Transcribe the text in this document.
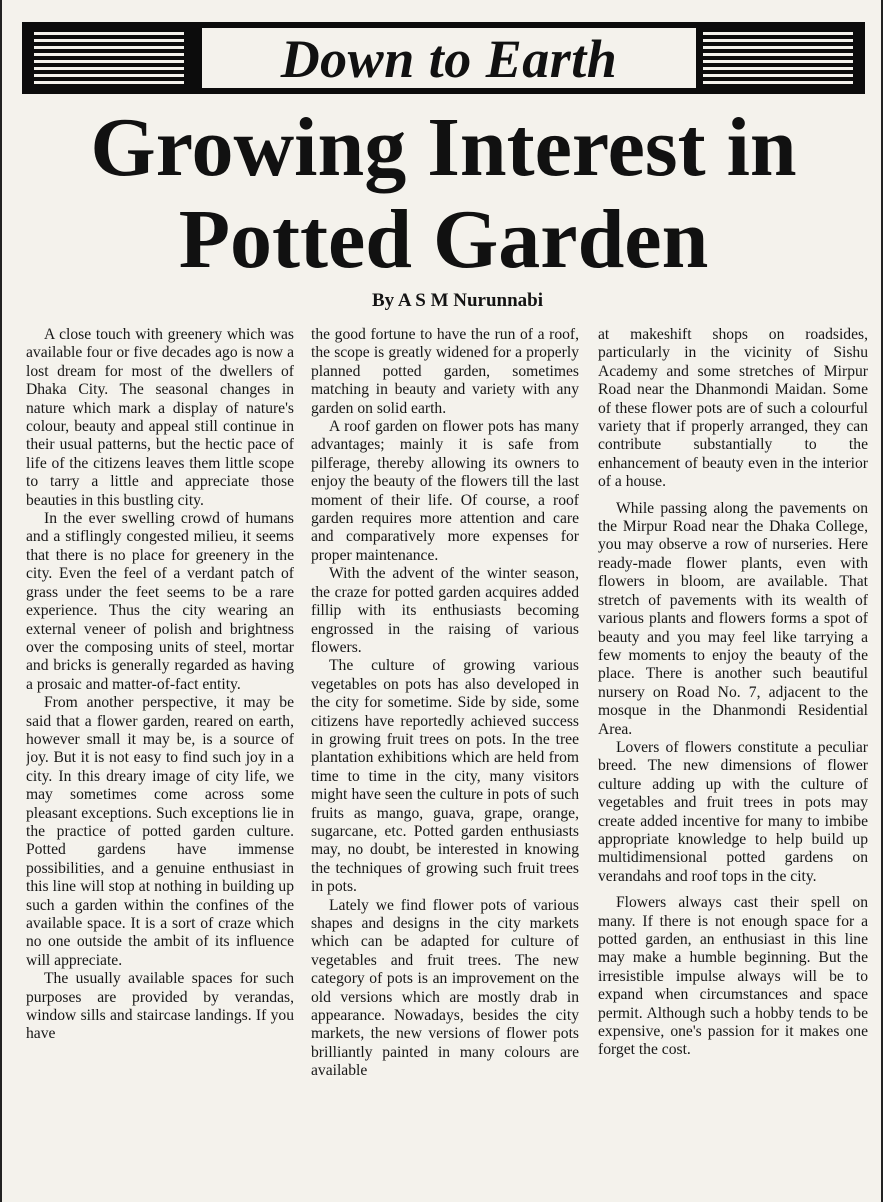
Down to Earth
Growing Interest in Potted Garden
By A S M Nurunnabi

A close touch with greenery which was available four or five decades ago is now a lost dream for most of the dwellers of Dhaka City. The seasonal changes in nature which mark a display of nature's colour, beauty and appeal still continue in their usual patterns, but the hectic pace of life of the citizens leaves them little scope to tarry a little and appreciate those beauties in this bustling city.

In the ever swelling crowd of humans and a stiflingly congested milieu, it seems that there is no place for greenery in the city. Even the feel of a verdant patch of grass under the feet seems to be a rare experience. Thus the city wearing an external veneer of polish and brightness over the composing units of steel, mortar and bricks is generally regarded as having a prosaic and matter-of-fact entity.

From another perspective, it may be said that a flower garden, reared on earth, however small it may be, is a source of joy. But it is not easy to find such joy in a city. In this dreary image of city life, we may sometimes come across some pleasant exceptions. Such exceptions lie in the practice of potted garden culture. Potted gardens have immense possibilities, and a genuine enthusiast in this line will stop at nothing in building up such a garden within the confines of the available space. It is a sort of craze which no one outside the ambit of its influence will appreciate.

The usually available spaces for such purposes are provided by verandas, window sills and staircase landings. If you have

the good fortune to have the run of a roof, the scope is greatly widened for a properly planned potted garden, sometimes matching in beauty and variety with any garden on solid earth.

A roof garden on flower pots has many advantages; mainly it is safe from pilferage, thereby allowing its owners to enjoy the beauty of the flowers till the last moment of their life. Of course, a roof garden requires more attention and care and comparatively more expenses for proper maintenance.

With the advent of the winter season, the craze for potted garden acquires added fillip with its enthusiasts becoming engrossed in the raising of various flowers.

The culture of growing various vegetables on pots has also developed in the city for sometime. Side by side, some citizens have reportedly achieved success in growing fruit trees on pots. In the tree plantation exhibitions which are held from time to time in the city, many visitors might have seen the culture in pots of such fruits as mango, guava, grape, orange, sugarcane, etc. Potted garden enthusiasts may, no doubt, be interested in knowing the techniques of growing such fruit trees in pots.

Lately we find flower pots of various shapes and designs in the city markets which can be adapted for culture of vegetables and fruit trees. The new category of pots is an improvement on the old versions which are mostly drab in appearance. Nowadays, besides the city markets, the new versions of flower pots brilliantly painted in many colours are available

at makeshift shops on roadsides, particularly in the vicinity of Sishu Academy and some stretches of Mirpur Road near the Dhanmondi Maidan. Some of these flower pots are of such a colourful variety that if properly arranged, they can contribute substantially to the enhancement of beauty even in the interior of a house.

While passing along the pavements on the Mirpur Road near the Dhaka College, you may observe a row of nurseries. Here ready-made flower plants, even with flowers in bloom, are available. That stretch of pavements with its wealth of various plants and flowers forms a spot of beauty and you may feel like tarrying a few moments to enjoy the beauty of the place. There is another such beautiful nursery on Road No. 7, adjacent to the mosque in the Dhanmondi Residential Area.

Lovers of flowers constitute a peculiar breed. The new dimensions of flower culture adding up with the culture of vegetables and fruit trees in pots may create added incentive for many to imbibe appropriate knowledge to help build up multidimensional potted gardens on verandahs and roof tops in the city.

Flowers always cast their spell on many. If there is not enough space for a potted garden, an enthusiast in this line may make a humble beginning. But the irresistible impulse always will be to expand when circumstances and space permit. Although such a hobby tends to be expensive, one's passion for it makes one forget the cost.
